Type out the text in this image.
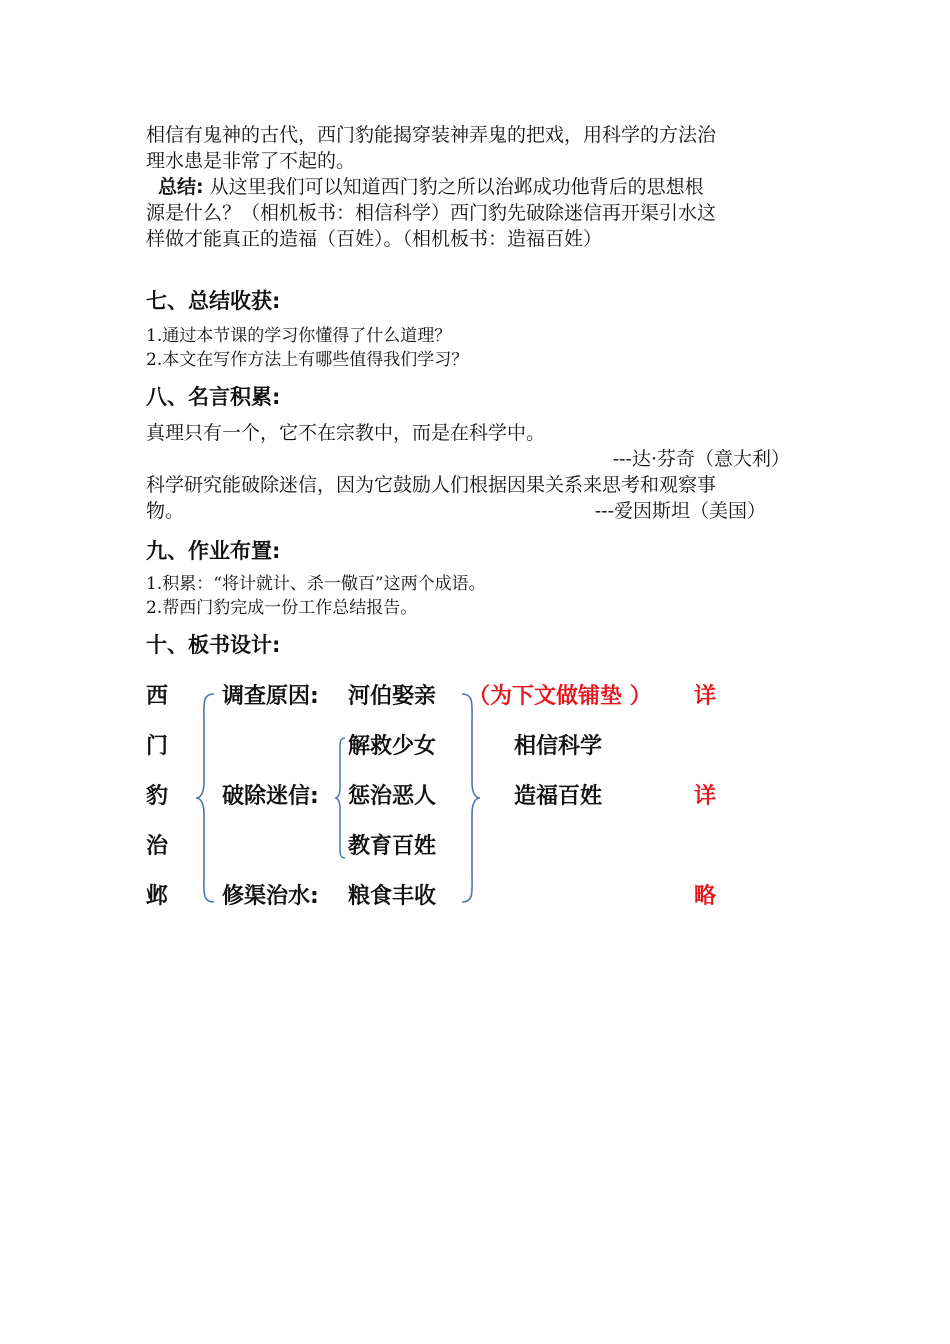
相信有鬼神的古代，西门豹能揭穿装神弄鬼的把戏，用科学的方法治

理水患是非常了不起的。

总结: 从这里我们可以知道西门豹之所以治邺成功他背后的思想根

源是什么？（相机板书：相信科学）西门豹先破除迷信再开渠引水这

样做才能真正的造福（百姓）。（相机板书：造福百姓）

七、总结收获:

1.通过本节课的学习你懂得了什么道理？

2.本文在写作方法上有哪些值得我们学习？

八、名言积累:

真理只有一个，它不在宗教中，而是在科学中。

---达·芬奇（意大利）

科学研究能破除迷信，因为它鼓励人们根据因果关系来思考和观察事

物。	---爱因斯坦（美国）

九、作业布置:

1.积累：“将计就计、杀一儆百”这两个成语。

2.帮西门豹完成一份工作总结报告。

十、板书设计:

西
门
豹
治
邺
调查原因: 河伯娶亲 （为下文做铺垫 ）
破除迷信:
解救少女
惩治恶人
教育百姓
修渠治水: 粮食丰收
相信科学
造福百姓
详
详
略
